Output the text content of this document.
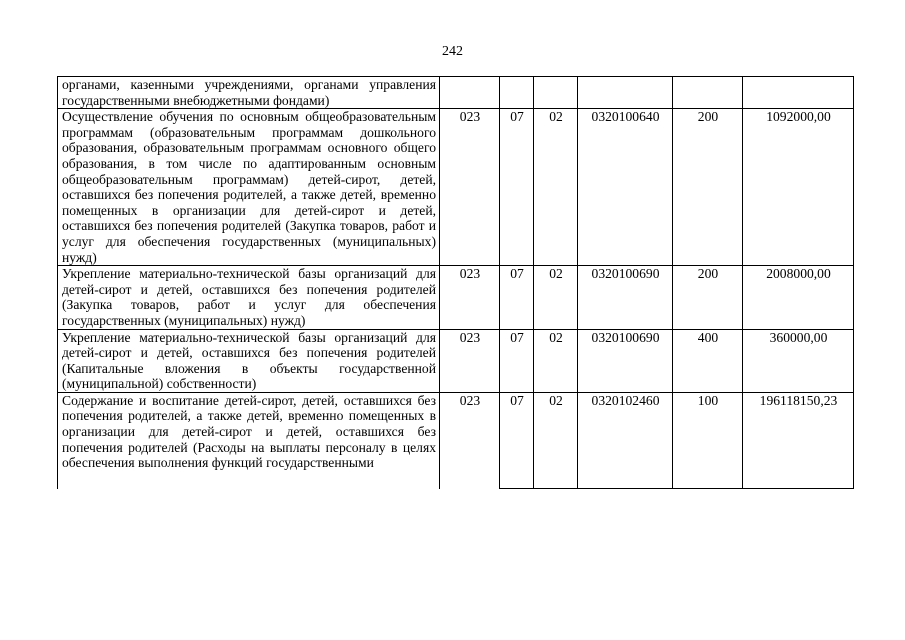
242
органами, казенными учреждениями, органами управления государственными внебюджетными фондами)						
Осуществление обучения по основным общеобразовательным программам (образовательным программам дошкольного образования, образовательным программам основного общего образования, в том числе по адаптированным основным общеобразовательным программам) детей-сирот, детей, оставшихся без попечения родителей, а также детей, временно помещенных в организации для детей-сирот и детей, оставшихся без попечения родителей (Закупка товаров, работ и услуг для обеспечения государственных (муниципальных) нужд)	023	07	02	0320100640	200	1092000,00
Укрепление материально-технической базы организаций для детей-сирот и детей, оставшихся без попечения родителей (Закупка товаров, работ и услуг для обеспечения государственных (муниципальных) нужд)	023	07	02	0320100690	200	2008000,00
Укрепление материально-технической базы организаций для детей-сирот и детей, оставшихся без попечения родителей (Капитальные вложения в объекты государственной (муниципальной) собственности)	023	07	02	0320100690	400	360000,00
Содержание и воспитание детей-сирот, детей, оставшихся без попечения родителей, а также детей, временно помещенных в организации для детей-сирот и детей, оставшихся без попечения родителей (Расходы на выплаты персоналу в целях обеспечения выполнения функций государственными	023	07	02	0320102460	100	196118150,23
